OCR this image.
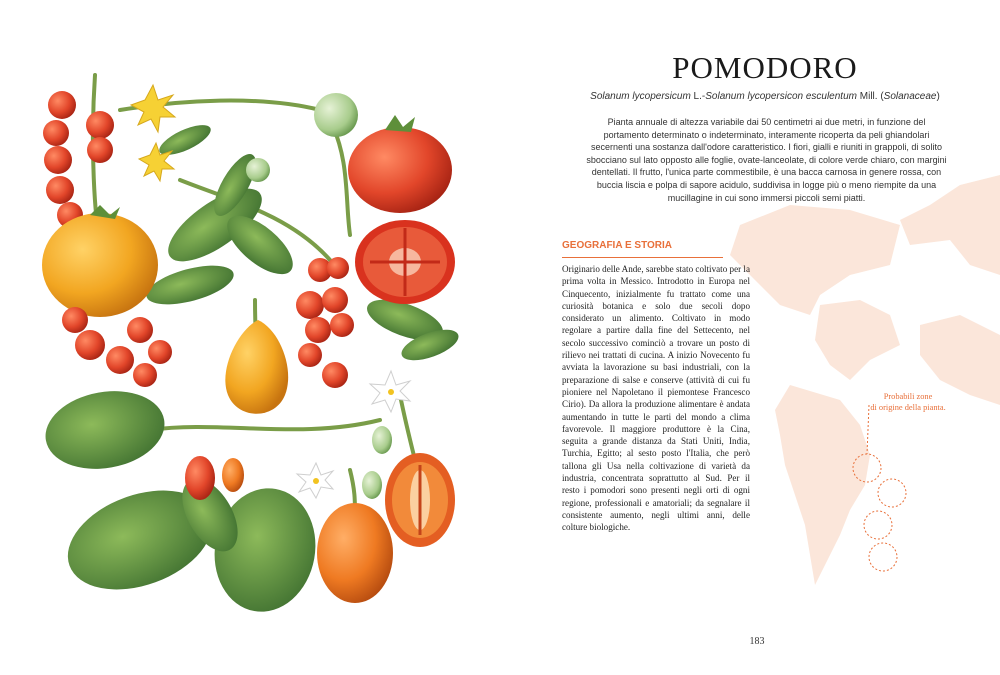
POMODORO
Solanum lycopersicum L.-Solanum lycopersicon esculentum Mill. (Solanaceae)

Pianta annuale di altezza variabile dai 50 centimetri ai due metri, in funzione del portamento determinato o indeterminato, interamente ricoperta da peli ghiandolari secernenti una sostanza dall'odore caratteristico. I fiori, gialli e riuniti in grappoli, di solito sbocciano sul lato opposto alle foglie, ovate-lanceolate, di colore verde chiaro, con margini dentellati. Il frutto, l'unica parte commestibile, è una bacca carnosa in genere rossa, con buccia liscia e polpa di sapore acidulo, suddivisa in logge più o meno riempite da una mucillagine in cui sono immersi piccoli semi piatti.

Probabili zone
di origine della pianta.
GEOGRAFIA E STORIA

Originario delle Ande, sarebbe stato coltivato per la prima volta in Messico. Introdotto in Europa nel Cinquecento, inizialmente fu trattato come una curiosità botanica e solo due secoli dopo considerato un alimento. Coltivato in modo regolare a partire dalla fine del Settecento, nel secolo successivo cominciò a trovare un posto di rilievo nei trattati di cucina. A inizio Novecento fu avviata la lavorazione su basi industriali, con la preparazione di salse e conserve (attività di cui fu pioniere nel Napoletano il piemontese Francesco Cirio). Da allora la produzione alimentare è andata aumentando in tutte le parti del mondo a clima favorevole. Il maggiore produttore è la Cina, seguita a grande distanza da Stati Uniti, India, Turchia, Egitto; al sesto posto l'Italia, che però tallona gli Usa nella coltivazione di varietà da industria, concentrata soprattutto al Sud. Per il resto i pomodori sono presenti negli orti di ogni regione, professionali e amatoriali; da segnalare il consistente aumento, negli ultimi anni, delle colture biologiche.

183
